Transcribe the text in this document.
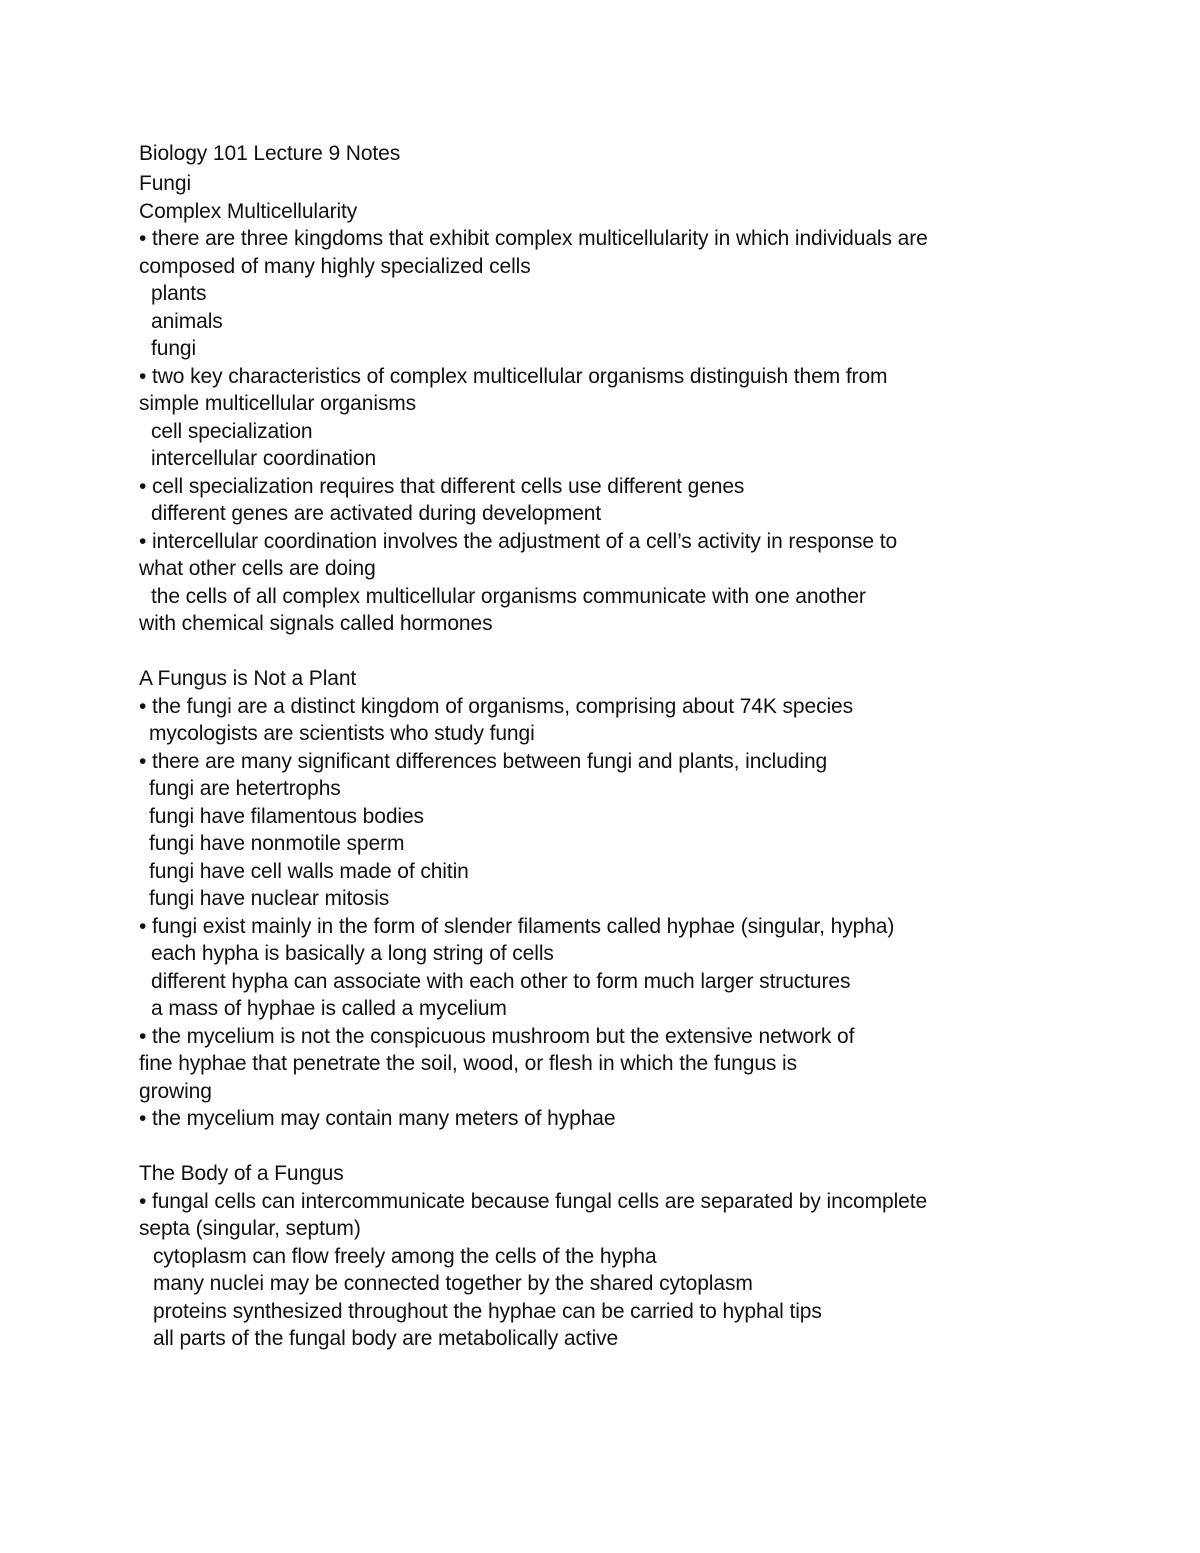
Biology 101 Lecture 9 Notes
Fungi
Complex Multicellularity
• there are three kingdoms that exhibit complex multicellularity in which individuals are
composed of many highly specialized cells
plants
animals
fungi
• two key characteristics of complex multicellular organisms distinguish them from
simple multicellular organisms
cell specialization
intercellular coordination
• cell specialization requires that different cells use different genes
different genes are activated during development
• intercellular coordination involves the adjustment of a cell’s activity in response to
what other cells are doing
the cells of all complex multicellular organisms communicate with one another
with chemical signals called hormones
A Fungus is Not a Plant
• the fungi are a distinct kingdom of organisms, comprising about 74K species
mycologists are scientists who study fungi
• there are many significant differences between fungi and plants, including
fungi are hetertrophs
fungi have filamentous bodies
fungi have nonmotile sperm
fungi have cell walls made of chitin
fungi have nuclear mitosis
• fungi exist mainly in the form of slender filaments called hyphae (singular, hypha)
each hypha is basically a long string of cells
different hypha can associate with each other to form much larger structures
a mass of hyphae is called a mycelium
• the mycelium is not the conspicuous mushroom but the extensive network of
fine hyphae that penetrate the soil, wood, or flesh in which the fungus is
growing
• the mycelium may contain many meters of hyphae
The Body of a Fungus
• fungal cells can intercommunicate because fungal cells are separated by incomplete
septa (singular, septum)
cytoplasm can flow freely among the cells of the hypha
many nuclei may be connected together by the shared cytoplasm
proteins synthesized throughout the hyphae can be carried to hyphal tips
all parts of the fungal body are metabolically active
